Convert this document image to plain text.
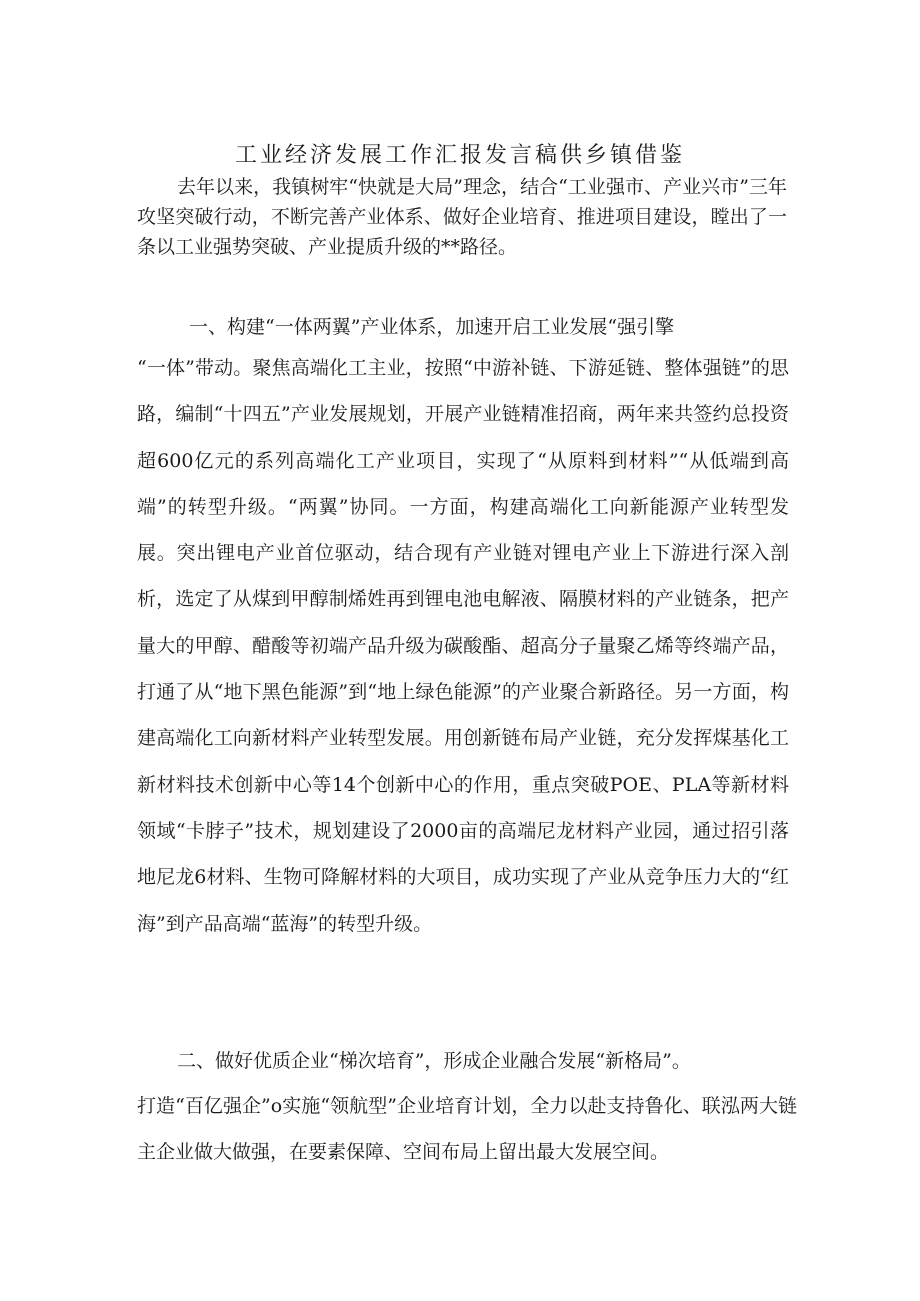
工业经济发展工作汇报发言稿供乡镇借鉴

去年以来，我镇树牢“快就是大局”理念，结合“工业强市、产业兴市”三年攻坚突破行动，不断完善产业体系、做好企业培育、推进项目建设，瞠出了一条以工业强势突破、产业提质升级的**路径。

一、构建“一体两翼”产业体系，加速开启工业发展“强引擎

“一体”带动。聚焦高端化工主业，按照“中游补链、下游延链、整体强链”的思路，编制“十四五”产业发展规划，开展产业链精准招商，两年来共签约总投资超600亿元的系列高端化工产业项目，实现了“从原料到材料”“从低端到高端”的转型升级。“两翼”协同。一方面，构建高端化工向新能源产业转型发展。突出锂电产业首位驱动，结合现有产业链对锂电产业上下游进行深入剖析，选定了从煤到甲醇制烯姓再到锂电池电解液、隔膜材料的产业链条，把产量大的甲醇、醋酸等初端产品升级为碳酸酯、超高分子量聚乙烯等终端产品，打通了从“地下黑色能源”到“地上绿色能源”的产业聚合新路径。另一方面，构建高端化工向新材料产业转型发展。用创新链布局产业链，充分发挥煤基化工新材料技术创新中心等14个创新中心的作用，重点突破POE、PLA等新材料领域“卡脖子”技术，规划建设了2000亩的高端尼龙材料产业园，通过招引落地尼龙6材料、生物可降解材料的大项目，成功实现了产业从竞争压力大的“红海”到产品高端“蓝海”的转型升级。

二、做好优质企业“梯次培育”，形成企业融合发展“新格局”。

打造“百亿强企”o实施“领航型”企业培育计划，全力以赴支持鲁化、联泓两大链主企业做大做强，在要素保障、空间布局上留出最大发展空间。
